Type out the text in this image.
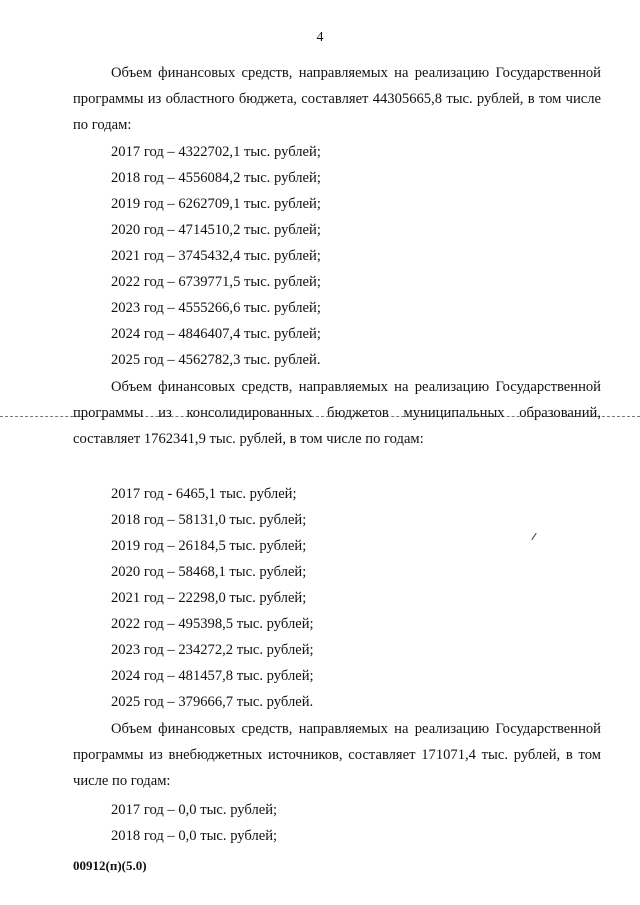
4

Объем финансовых средств, направляемых на реализацию Государственной программы из областного бюджета, составляет 44305665,8 тыс. рублей, в том числе по годам:

2017 год – 4322702,1 тыс. рублей;
2018 год – 4556084,2 тыс. рублей;
2019 год – 6262709,1 тыс. рублей;
2020 год – 4714510,2 тыс. рублей;
2021 год – 3745432,4 тыс. рублей;
2022 год – 6739771,5 тыс. рублей;
2023 год – 4555266,6 тыс. рублей;
2024 год – 4846407,4 тыс. рублей;
2025 год – 4562782,3 тыс. рублей.

Объем финансовых средств, направляемых на реализацию Государственной программы из консолидированных бюджетов муниципальных образований, составляет 1762341,9 тыс. рублей, в том числе по годам:

2017 год - 6465,1 тыс. рублей;
2018 год – 58131,0 тыс. рублей;
2019 год – 26184,5 тыс. рублей;
2020 год – 58468,1 тыс. рублей;
2021 год – 22298,0 тыс. рублей;
2022 год – 495398,5 тыс. рублей;
2023 год – 234272,2 тыс. рублей;
2024 год – 481457,8 тыс. рублей;
2025 год – 379666,7 тыс. рублей.

Объем финансовых средств, направляемых на реализацию Государственной программы из внебюджетных источников, составляет 171071,4 тыс. рублей, в том числе по годам:

2017 год – 0,0 тыс. рублей;
2018 год – 0,0 тыс. рублей;
00912(п)(5.0)
